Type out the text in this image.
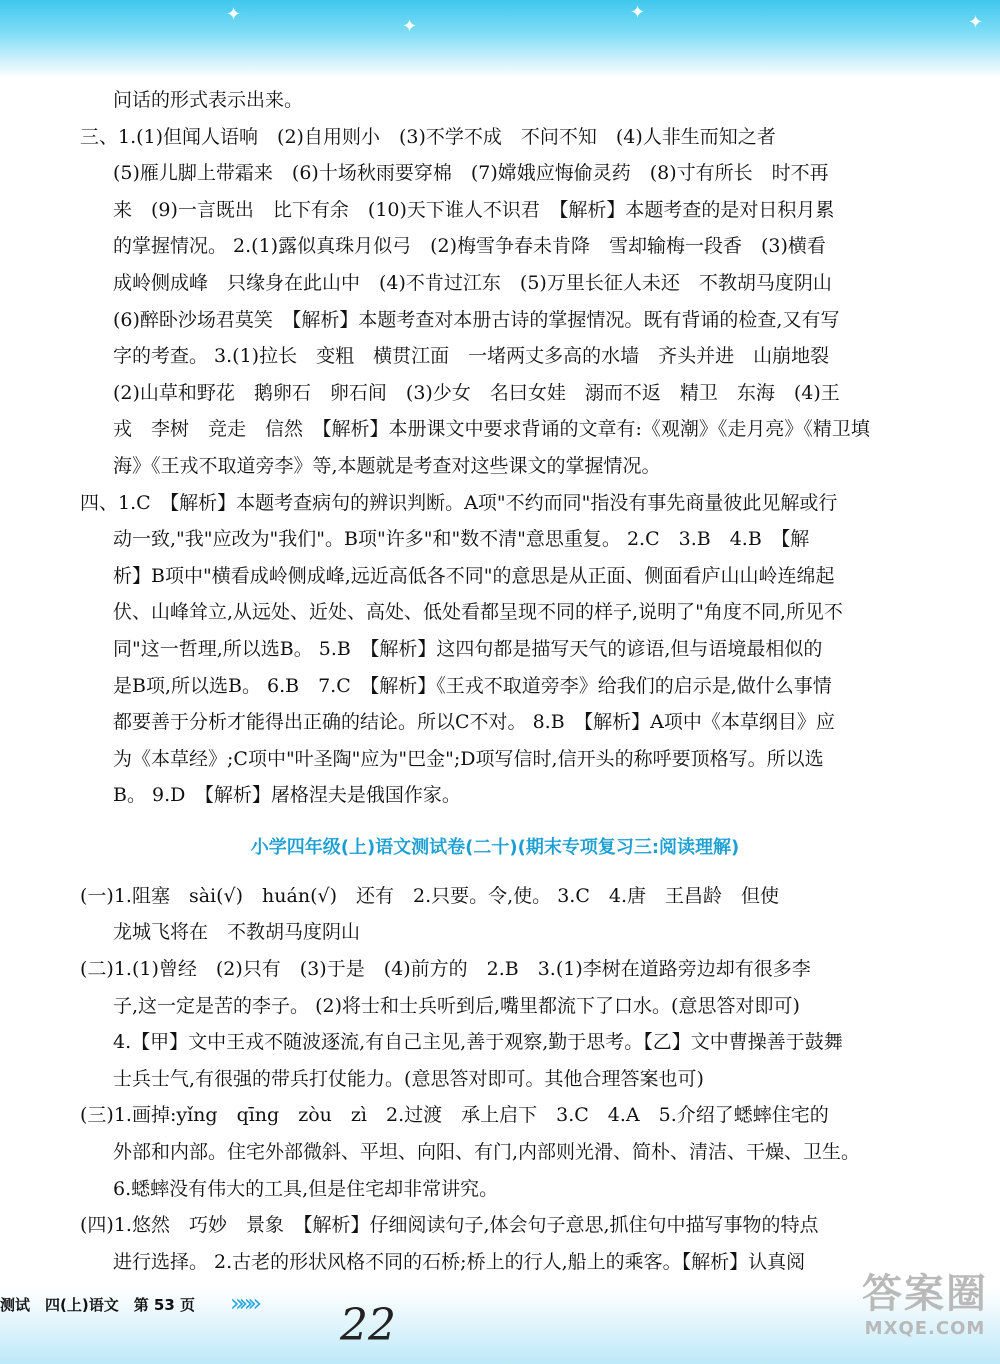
✦
✦
✦	✦

问话的形式表示出来。

三、1.(1)但闻人语响　(2)自用则小　(3)不学不成　不问不知　(4)人非生而知之者

(5)雁儿脚上带霜来　(6)十场秋雨要穿棉　(7)嫦娥应悔偷灵药　(8)寸有所长　时不再

来　(9)一言既出　比下有余　(10)天下谁人不识君　【解析】本题考查的是对日积月累

的掌握情况。 2.(1)露似真珠月似弓　(2)梅雪争春未肯降　雪却输梅一段香　(3)横看

成岭侧成峰　只缘身在此山中　(4)不肯过江东　(5)万里长征人未还　不教胡马度阴山

(6)醉卧沙场君莫笑　【解析】本题考查对本册古诗的掌握情况。既有背诵的检查,又有写

字的考查。 3.(1)拉长　变粗　横贯江面　一堵两丈多高的水墙　齐头并进　山崩地裂

(2)山草和野花　鹅卵石　卵石间　(3)少女　名曰女娃　溺而不返　精卫　东海　(4)王

戎　李树　竞走　信然　【解析】本册课文中要求背诵的文章有:《观潮》《走月亮》《精卫填

海》《王戎不取道旁李》等,本题就是考查对这些课文的掌握情况。

四、1.C　【解析】本题考查病句的辨识判断。A项"不约而同"指没有事先商量彼此见解或行

动一致,"我"应改为"我们"。B项"许多"和"数不清"意思重复。 2.C　3.B　4.B　【解

析】B项中"横看成岭侧成峰,远近高低各不同"的意思是从正面、侧面看庐山山岭连绵起

伏、山峰耸立,从远处、近处、高处、低处看都呈现不同的样子,说明了"角度不同,所见不

同"这一哲理,所以选B。 5.B　【解析】这四句都是描写天气的谚语,但与语境最相似的

是B项,所以选B。 6.B　7.C　【解析】《王戎不取道旁李》给我们的启示是,做什么事情

都要善于分析才能得出正确的结论。所以C不对。 8.B　【解析】A项中《本草纲目》应

为《本草经》;C项中"叶圣陶"应为"巴金";D项写信时,信开头的称呼要顶格写。所以选

B。 9.D　【解析】屠格涅夫是俄国作家。

小学四年级(上)语文测试卷(二十)(期末专项复习三:阅读理解)

(一)1.阻塞　sài(√)　huán(√)　还有　2.只要。令,使。 3.C　4.唐　王昌龄　但使

龙城飞将在　不教胡马度阴山

(二)1.(1)曾经　(2)只有　(3)于是　(4)前方的　2.B　3.(1)李树在道路旁边却有很多李

子,这一定是苦的李子。 (2)将士和士兵听到后,嘴里都流下了口水。(意思答对即可)

4.【甲】文中王戎不随波逐流,有自己主见,善于观察,勤于思考。【乙】文中曹操善于鼓舞

士兵士气,有很强的带兵打仗能力。(意思答对即可。其他合理答案也可)

(三)1.画掉:yǐng　qīng　zòu　zì　2.过渡　承上启下　3.C　4.A　5.介绍了蟋蟀住宅的

外部和内部。住宅外部微斜、平坦、向阳、有门,内部则光滑、简朴、清洁、干燥、卫生。

6.蟋蟀没有伟大的工具,但是住宅却非常讲究。

(四)1.悠然　巧妙　景象　【解析】仔细阅读句子,体会句子意思,抓住句中描写事物的特点

进行选择。 2.古老的形状风格不同的石桥;桥上的行人,船上的乘客。【解析】认真阅

测试　四(上)语文　第 53 页 »»» 22
答案圈
MXQE.COM
